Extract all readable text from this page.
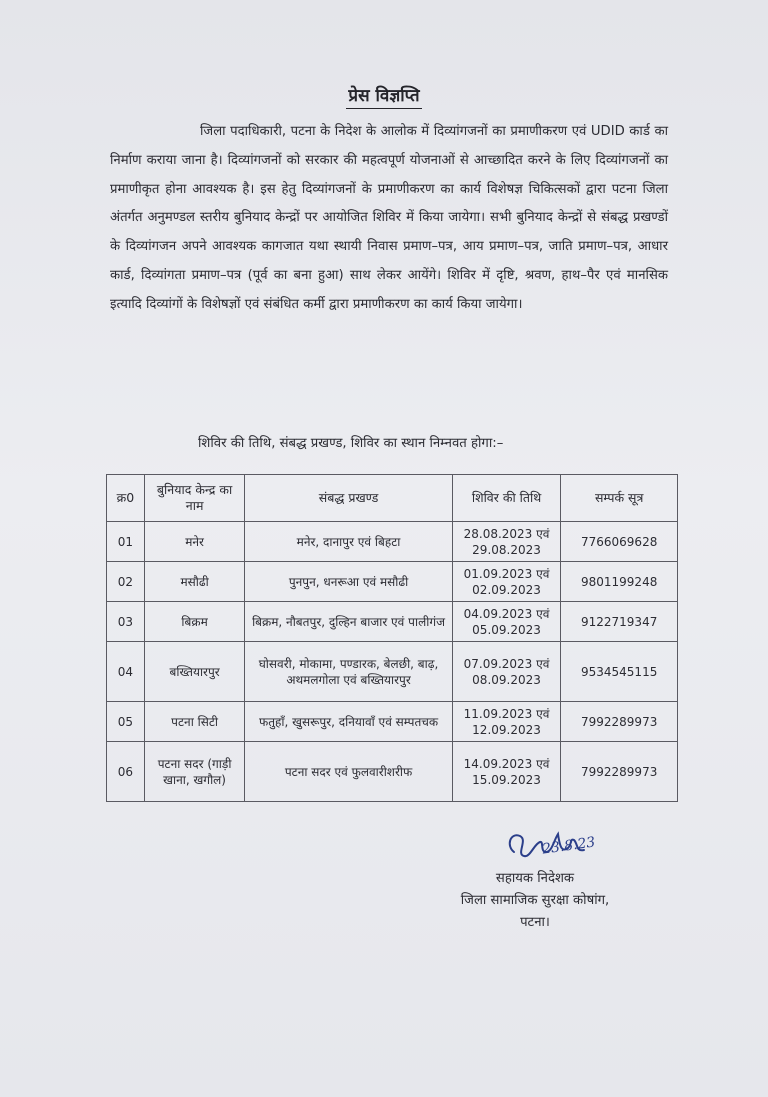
प्रेस विज्ञप्ति
जिला पदाधिकारी, पटना के निदेश के आलोक में दिव्यांगजनों का प्रमाणीकरण एवं UDID कार्ड का निर्माण कराया जाना है। दिव्यांगजनों को सरकार की महत्वपूर्ण योजनाओं से आच्छादित करने के लिए दिव्यांगजनों का प्रमाणीकृत होना आवश्यक है। इस हेतु दिव्यांगजनों के प्रमाणीकरण का कार्य विशेषज्ञ चिकित्सकों द्वारा पटना जिला अंतर्गत अनुमण्डल स्तरीय बुनियाद केन्द्रों पर आयोजित शिविर में किया जायेगा। सभी बुनियाद केन्द्रों से संबद्ध प्रखण्डों के दिव्यांगजन अपने आवश्यक कागजात यथा स्थायी निवास प्रमाण–पत्र, आय प्रमाण–पत्र, जाति प्रमाण–पत्र, आधार कार्ड, दिव्यांगता प्रमाण–पत्र (पूर्व का बना हुआ) साथ लेकर आयेंगे। शिविर में दृष्टि, श्रवण, हाथ–पैर एवं मानसिक इत्यादि दिव्यांगों के विशेषज्ञों एवं संबंधित कर्मी द्वारा प्रमाणीकरण का कार्य किया जायेगा।
शिविर की तिथि, संबद्ध प्रखण्ड, शिविर का स्थान निम्नवत होगा:–
क्र0	बुनियाद केन्द्र का नाम	संबद्ध प्रखण्ड	शिविर की तिथि	सम्पर्क सूत्र
01	मनेर	मनेर, दानापुर एवं बिहटा	28.08.2023 एवं 29.08.2023	7766069628
02	मसौढी	पुनपुन, धनरूआ एवं मसौढी	01.09.2023 एवं 02.09.2023	9801199248
03	बिक्रम	बिक्रम, नौबतपुर, दुल्हिन बाजार एवं पालीगंज	04.09.2023 एवं 05.09.2023	9122719347
04	बख्तियारपुर	घोसवरी, मोकामा, पण्डारक, बेलछी, बाढ़, अथमलगोला एवं बख्तियारपुर	07.09.2023 एवं 08.09.2023	9534545115
05	पटना सिटी	फतुहाँ, खुसरूपुर, दनियावाँ एवं सम्पतचक	11.09.2023 एवं 12.09.2023	7992289973
06	पटना सदर (गाड़ी खाना, खगौल)	पटना सदर एवं फुलवारीशरीफ	14.09.2023 एवं 15.09.2023	7992289973
23.8.23
सहायक निदेशक
जिला सामाजिक सुरक्षा कोषांग,
पटना।
